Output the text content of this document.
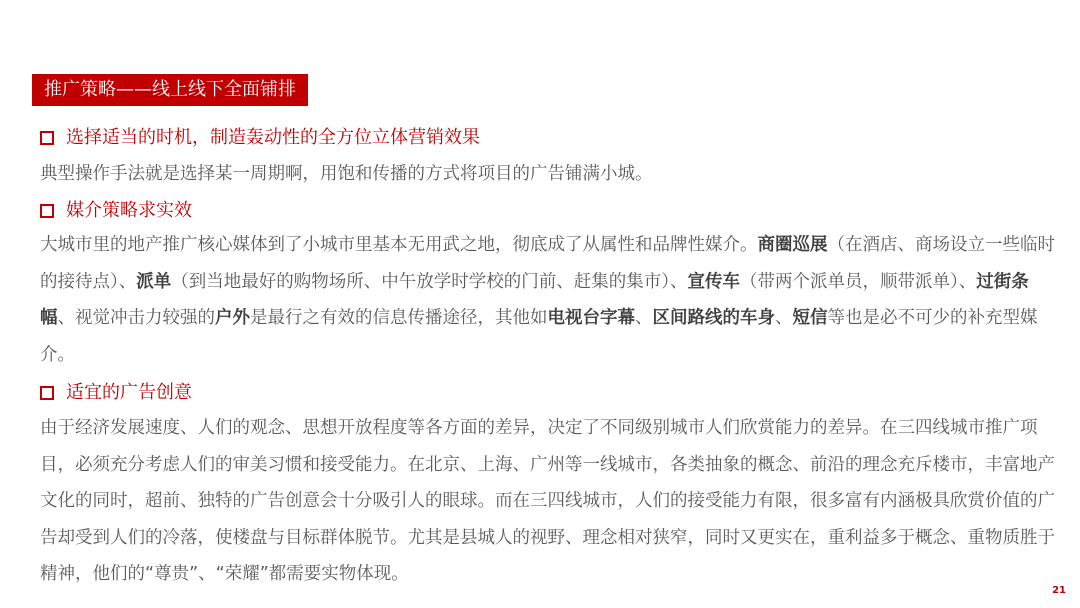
推广策略——线上线下全面铺排
选择适当的时机，制造轰动性的全方位立体营销效果

典型操作手法就是选择某一周期啊，用饱和传播的方式将项目的广告铺满小城。

媒介策略求实效

大城市里的地产推广核心媒体到了小城市里基本无用武之地，彻底成了从属性和品牌性媒介。商圈巡展（在酒店、商场设立一些临时的接待点）、派单（到当地最好的购物场所、中午放学时学校的门前、赶集的集市）、宣传车（带两个派单员，顺带派单）、过街条幅、视觉冲击力较强的户外是最行之有效的信息传播途径，其他如电视台字幕、区间路线的车身、短信等也是必不可少的补充型媒介。

适宜的广告创意

由于经济发展速度、人们的观念、思想开放程度等各方面的差异，决定了不同级别城市人们欣赏能力的差异。在三四线城市推广项目，必须充分考虑人们的审美习惯和接受能力。在北京、上海、广州等一线城市，各类抽象的概念、前沿的理念充斥楼市，丰富地产文化的同时，超前、独特的广告创意会十分吸引人的眼球。而在三四线城市，人们的接受能力有限，很多富有内涵极具欣赏价值的广告却受到人们的冷落，使楼盘与目标群体脱节。尤其是县城人的视野、理念相对狭窄，同时又更实在，重利益多于概念、重物质胜于精神，他们的“尊贵”、“荣耀”都需要实物体现。

21
